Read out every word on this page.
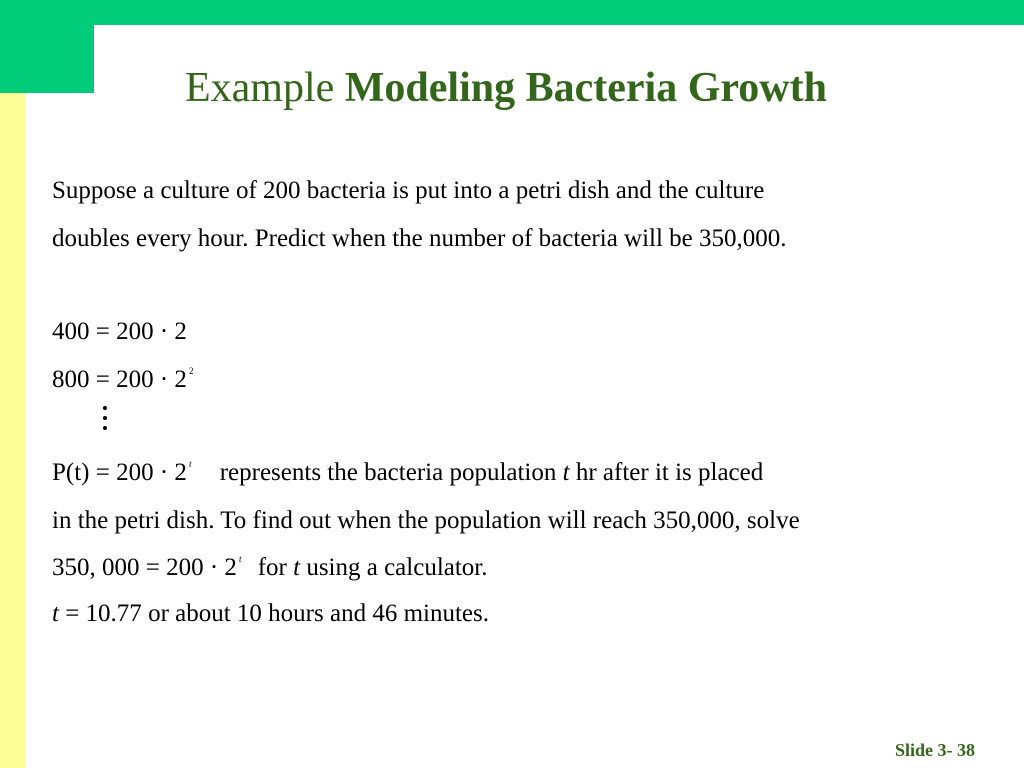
Example Modeling Bacteria Growth
Suppose a culture of 200 bacteria is put into a petri dish and the culture
doubles every hour. Predict when the number of bacteria will be 350,000.
400 = 200 · 2
800 = 200 · 2 $^2$
P(t) = 200 · 2 $^t$ represents the bacteria population t hr after it is placed
in the petri dish. To find out when the population will reach 350,000, solve
350, 000 = 200 · 2 $^t$ for t using a calculator.
t = 10.77 or about 10 hours and 46 minutes.
Slide 3- 38
